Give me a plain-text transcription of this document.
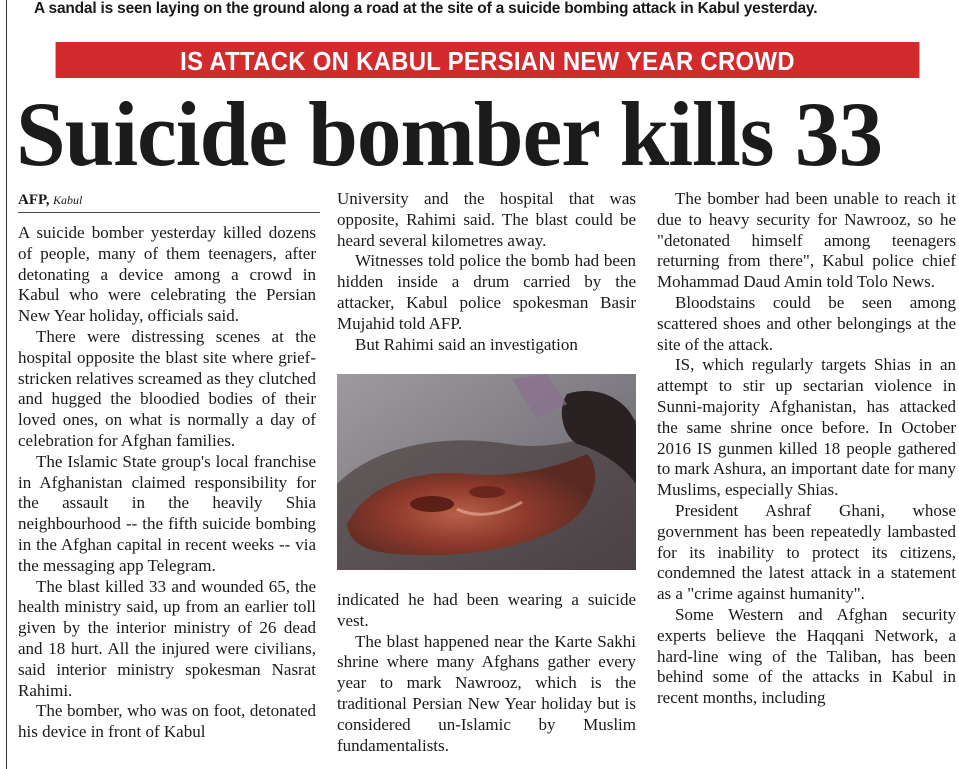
A sandal is seen laying on the ground along a road at the site of a suicide bombing attack in Kabul yesterday.
IS ATTACK ON KABUL PERSIAN NEW YEAR CROWD
Suicide bomber kills 33
AFP, Kabul

A suicide bomber yesterday killed dozens of people, many of them teenagers, after detonating a device among a crowd in Kabul who were celebrating the Persian New Year holiday, officials said.

There were distressing scenes at the hospital opposite the blast site where grief-stricken relatives screamed as they clutched and hugged the bloodied bodies of their loved ones, on what is normally a day of celebration for Afghan families.

The Islamic State group's local franchise in Afghanistan claimed responsibility for the assault in the heavily Shia neighbourhood -- the fifth suicide bombing in the Afghan capital in recent weeks -- via the messaging app Telegram.

The blast killed 33 and wounded 65, the health ministry said, up from an earlier toll given by the interior ministry of 26 dead and 18 hurt. All the injured were civilians, said interior ministry spokesman Nasrat Rahimi.

The bomber, who was on foot, detonated his device in front of Kabul

University and the hospital that was opposite, Rahimi said. The blast could be heard several kilometres away.

Witnesses told police the bomb had been hidden inside a drum carried by the attacker, Kabul police spokesman Basir Mujahid told AFP.

But Rahimi said an investigation

indicated he had been wearing a suicide vest.

The blast happened near the Karte Sakhi shrine where many Afghans gather every year to mark Nawrooz, which is the traditional Persian New Year holiday but is considered un-Islamic by Muslim fundamentalists.

The bomber had been unable to reach it due to heavy security for Nawrooz, so he "detonated himself among teenagers returning from there", Kabul police chief Mohammad Daud Amin told Tolo News.

Bloodstains could be seen among scattered shoes and other belongings at the site of the attack.

IS, which regularly targets Shias in an attempt to stir up sectarian violence in Sunni-majority Afghanistan, has attacked the same shrine once before. In October 2016 IS gunmen killed 18 people gathered to mark Ashura, an important date for many Muslims, especially Shias.

President Ashraf Ghani, whose government has been repeatedly lambasted for its inability to protect its citizens, condemned the latest attack in a statement as a "crime against humanity".

Some Western and Afghan security experts believe the Haqqani Network, a hard-line wing of the Taliban, has been behind some of the attacks in Kabul in recent months, including
